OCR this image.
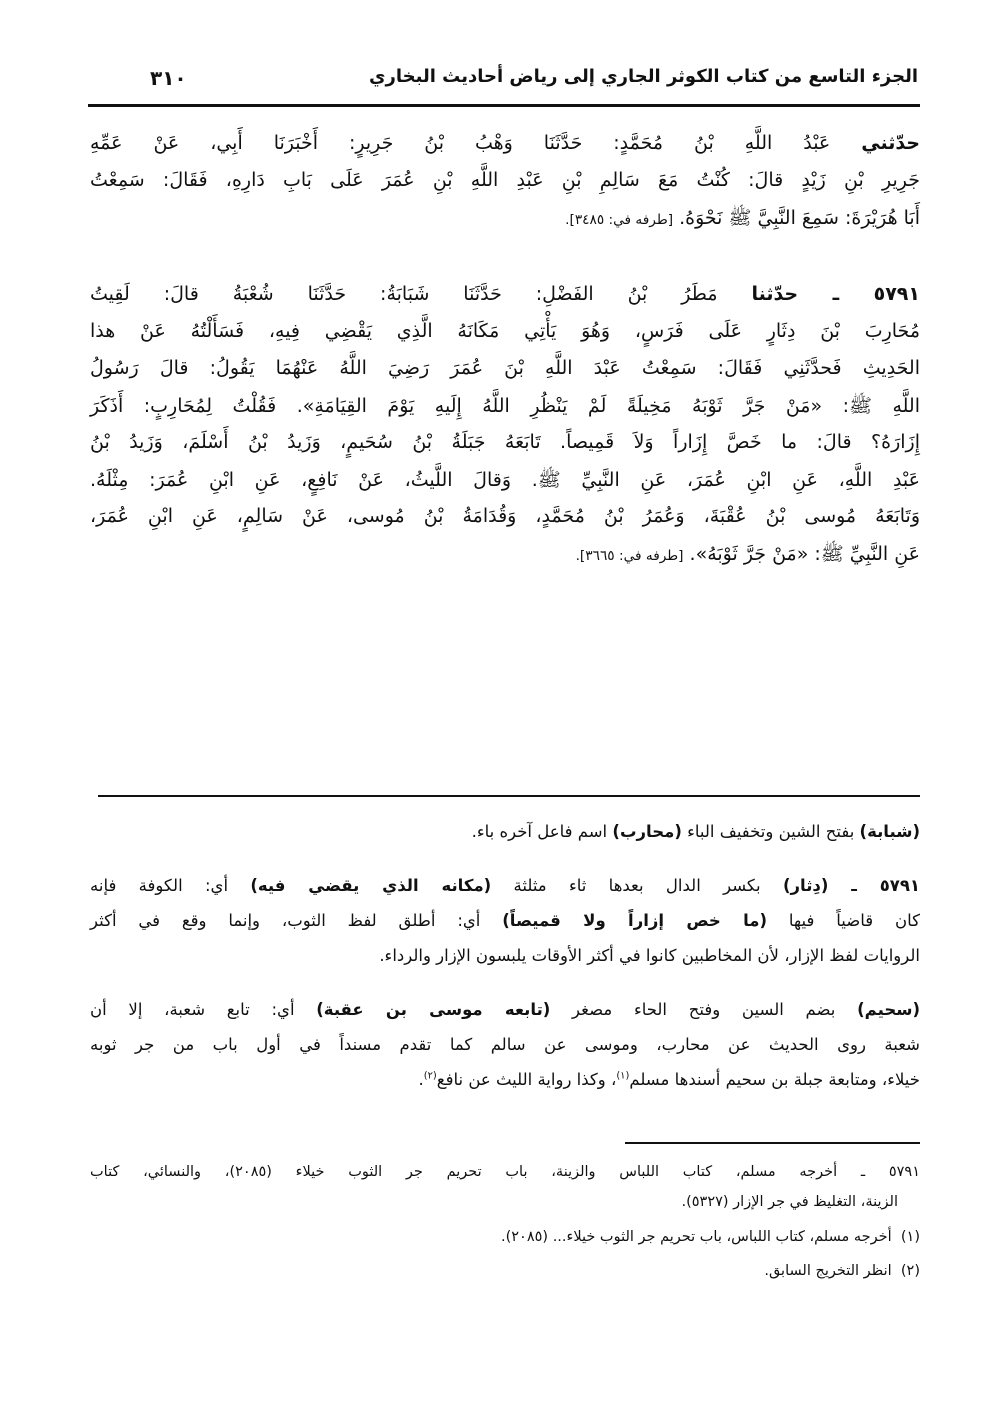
الجزء التاسع من كتاب الكوثر الجاري إلى رياض أحاديث البخاري
٣١٠
حدّثني عَبْدُ اللَّهِ بْنُ مُحَمَّدٍ: حَدَّثَنَا وَهْبُ بْنُ جَرِيرٍ: أَخْبَرَنَا أَبِي، عَنْ عَمِّهِ
جَرِيرِ بْنِ زَيْدٍ قالَ: كُنْتُ مَعَ سَالِمِ بْنِ عَبْدِ اللَّهِ بْنِ عُمَرَ عَلَى بَابِ دَارِهِ، فَقَالَ: سَمِعْتُ
أَبَا هُرَيْرَةَ: سَمِعَ النَّبِيَّ ﷺ نَحْوَهُ. [طرفه في: ٣٤٨٥].
٥٧٩١ ـ حدّثنا مَطَرُ بْنُ الفَضْلِ: حَدَّثَنَا شَبَابَةُ: حَدَّثَنَا شُعْبَةُ قالَ: لَقِيتُ
مُحَارِبَ بْنَ دِثَارٍ عَلَى فَرَسٍ، وَهُوَ يَأْتِي مَكَانَهُ الَّذِي يَقْضِي فِيهِ، فَسَأَلْتُهُ عَنْ هذا
الحَدِيثِ فَحدَّثَنِي فَقَالَ: سَمِعْتُ عَبْدَ اللَّهِ بْنَ عُمَرَ رَضِيَ اللَّهُ عَنْهُمَا يَقُولُ: قالَ رَسُولُ
اللَّهِ ﷺ: «مَنْ جَرَّ ثَوْبَهُ مَخِيلَةً لَمْ يَنْظُرِ اللَّهُ إِلَيهِ يَوْمَ القِيَامَةِ». فَقُلْتُ لِمُحَارِبٍ: أَذَكَرَ
إِزَارَهُ؟ قالَ: ما خَصَّ إِزَاراً وَلاَ قَمِيصاً. تَابَعَهُ جَبَلَةُ بْنُ سُحَيمٍ، وَزَيدُ بْنُ أَسْلَمَ، وَزَيدُ بْنُ
عَبْدِ اللَّهِ، عَنِ ابْنِ عُمَرَ، عَنِ النَّبِيِّ ﷺ. وَقالَ اللَّيثُ، عَنْ نَافِعٍ، عَنِ ابْنِ عُمَرَ: مِثْلَهُ.
وَتَابَعَهُ مُوسى بْنُ عُقْبَةَ، وَعُمَرُ بْنُ مُحَمَّدٍ، وَقُدَامَةُ بْنُ مُوسى، عَنْ سَالِمٍ، عَنِ ابْنِ عُمَرَ،
عَنِ النَّبِيِّ ﷺ: «مَنْ جَرَّ ثَوْبَهُ». [طرفه في: ٣٦٦٥].
(شبابة) بفتح الشين وتخفيف الباء (محارب) اسم فاعل آخره باء.
٥٧٩١ ـ (دِثار) بكسر الدال بعدها ثاء مثلثة (مكانه الذي يقضي فيه) أي: الكوفة فإنه
كان قاضياً فيها (ما خص إزاراً ولا قميصاً) أي: أطلق لفظ الثوب، وإنما وقع في أكثر
الروايات لفظ الإزار، لأن المخاطبين كانوا في أكثر الأوقات يلبسون الإزار والرداء.
(سحيم) بضم السين وفتح الحاء مصغر (تابعه موسى بن عقبة) أي: تابع شعبة، إلا أن
شعبة روى الحديث عن محارب، وموسى عن سالم كما تقدم مسنداً في أول باب من جر ثوبه
خيلاء، ومتابعة جبلة بن سحيم أسندها مسلم$^{(١)}$، وكذا رواية الليث عن نافع$^{(٢)}$.
٥٧٩١ ـ أخرجه مسلم، كتاب اللباس والزينة، باب تحريم جر الثوب خيلاء (٢٠٨٥)، والنسائي، كتاب
الزينة، التغليظ في جر الإزار (٥٣٢٧).
(١)  أخرجه مسلم، كتاب اللباس، باب تحريم جر الثوب خيلاء... (٢٠٨٥).
(٢)  انظر التخريج السابق.
